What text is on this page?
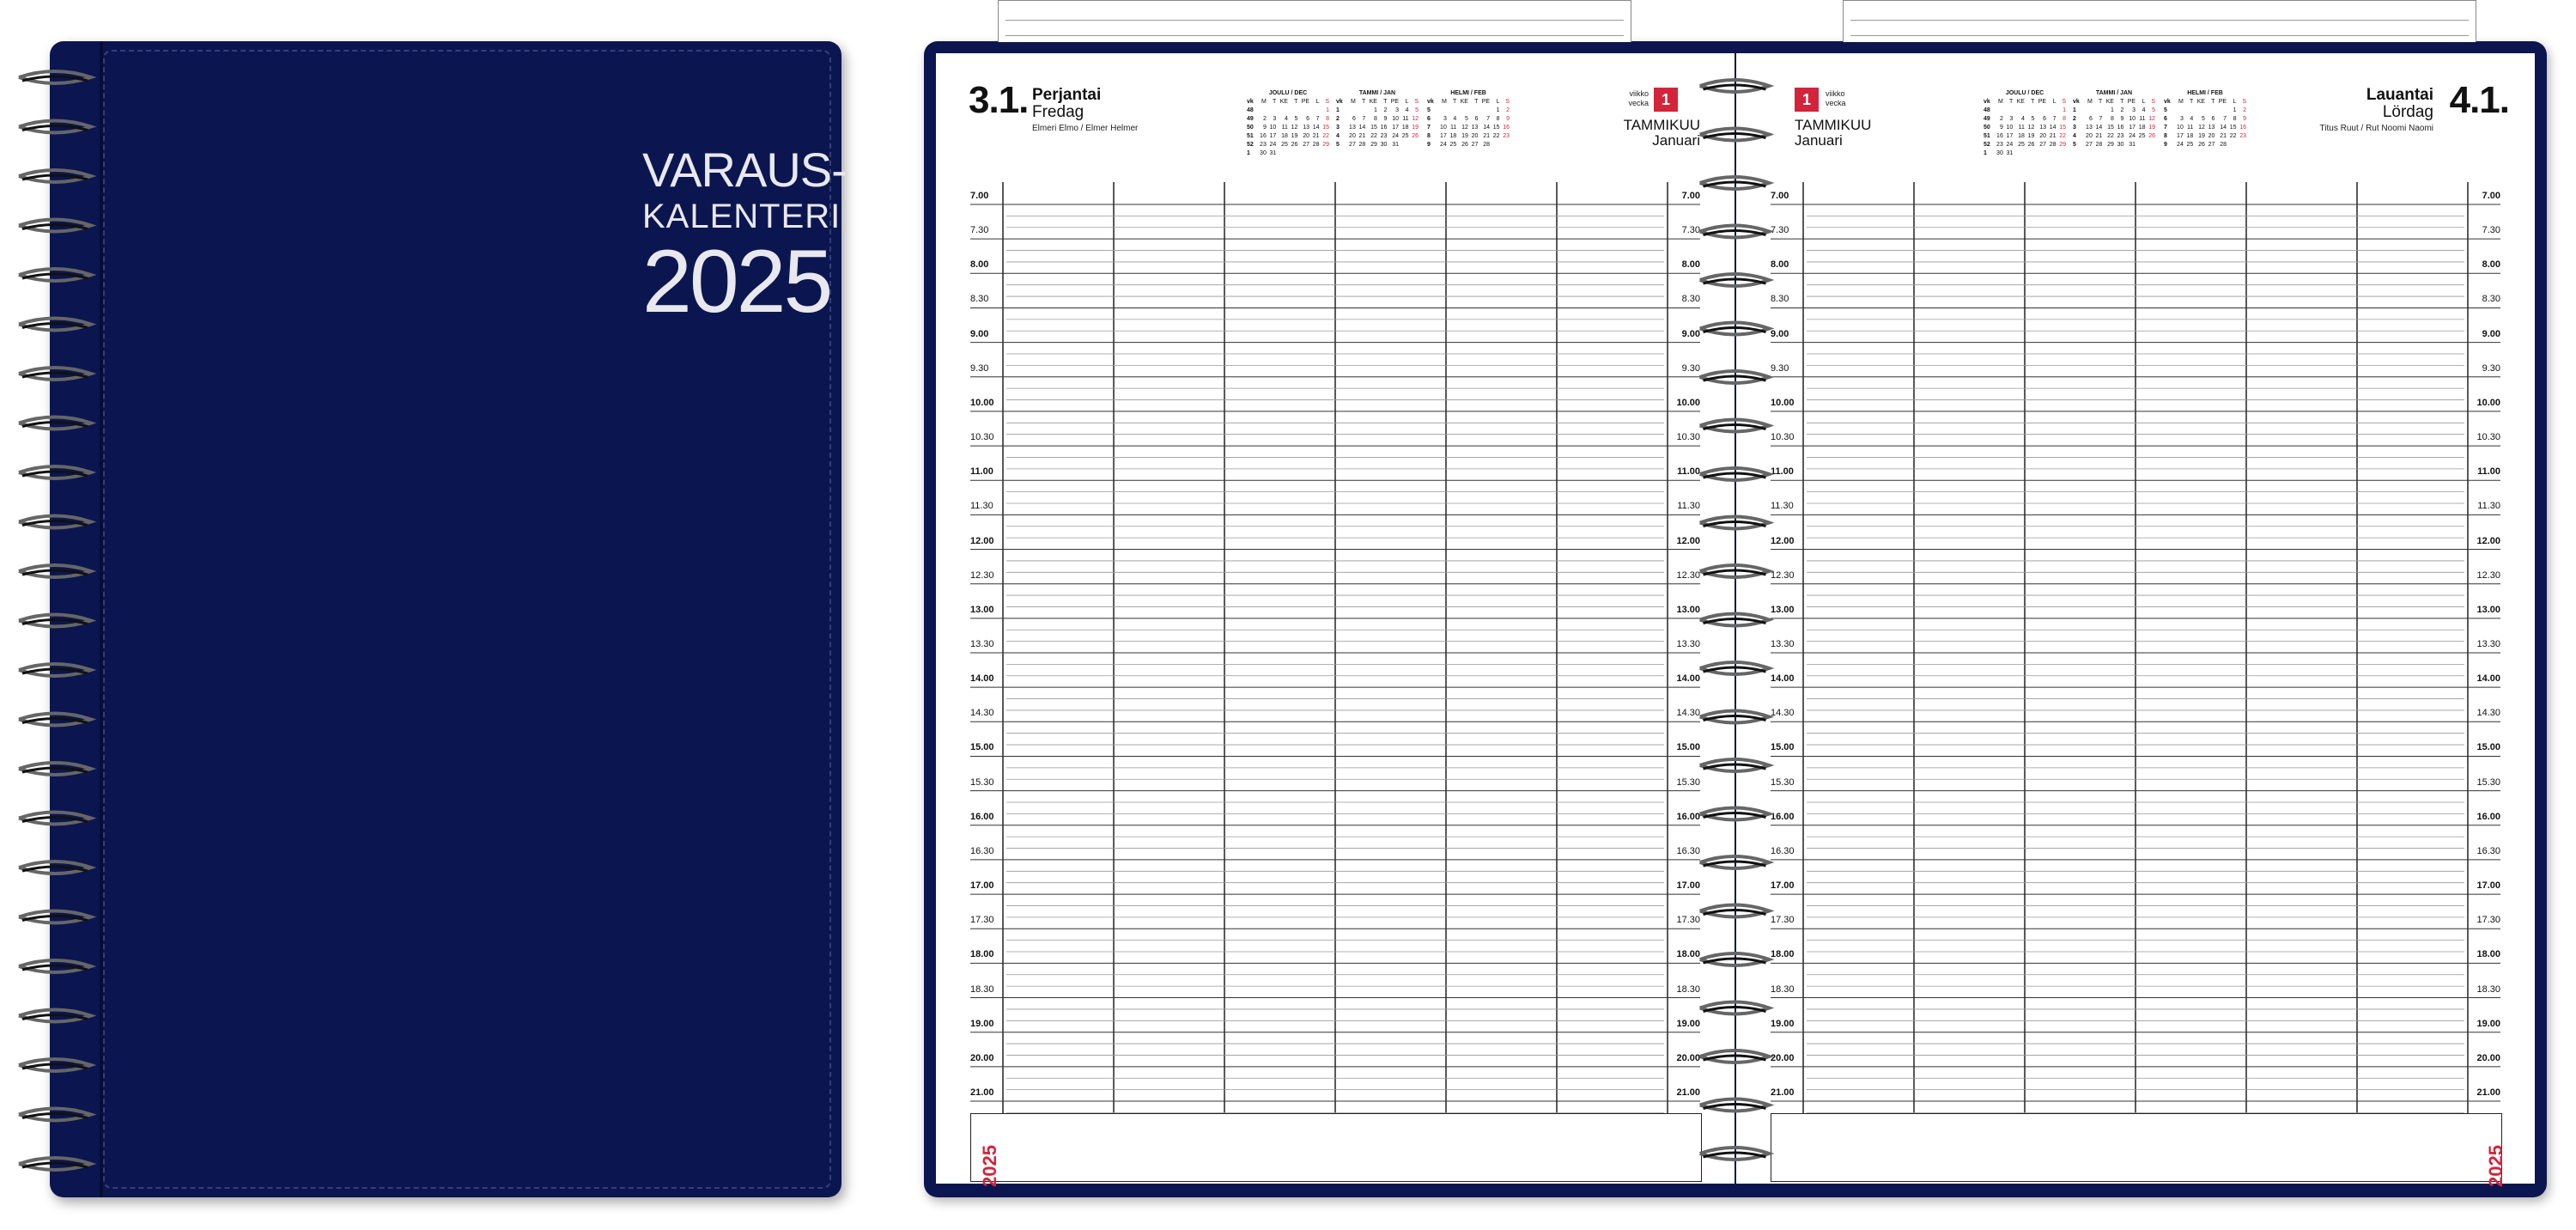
VARAUS-
KALENTERI
2025
3.1. Perjantai
Fredag
Elmeri Elmo / Elmer Helmer
JOULU / DEC
vk	M	T	KE	T	PE	L	S
48							1
49	2	3	4	5	6	7	8
50	9	10	11	12	13	14	15
51	16	17	18	19	20	21	22
52	23	24	25	26	27	28	29
1	30	31					
TAMMI / JAN
vk	M	T	KE	T	PE	L	S
1			1	2	3	4	5
2	6	7	8	9	10	11	12
3	13	14	15	16	17	18	19
4	20	21	22	23	24	25	26
5	27	28	29	30	31		
HELMI / FEB
vk	M	T	KE	T	PE	L	S
5						1	2
6	3	4	5	6	7	8	9
7	10	11	12	13	14	15	16
8	17	18	19	20	21	22	23
9	24	25	26	27	28		
viikko
vecka 1
TAMMIKUU
Januari
7.00	7.00
7.30	7.30
8.00	8.00
8.30	8.30
9.00	9.00
9.30	9.30
10.00	10.00
10.30	10.30
11.00	11.00
11.30	11.30
12.00	12.00
12.30	12.30
13.00	13.00
13.30	13.30
14.00	14.00
14.30	14.30
15.00	15.00
15.30	15.30
16.00	16.00
16.30	16.30
17.00	17.00
17.30	17.30
18.00	18.00
18.30	18.30
19.00	19.00
20.00	20.00
21.00	21.00
2025
1	viikko
vecka
TAMMIKUU
Januari
JOULU / DEC
vk	M	T	KE	T	PE	L	S
48							1
49	2	3	4	5	6	7	8
50	9	10	11	12	13	14	15
51	16	17	18	19	20	21	22
52	23	24	25	26	27	28	29
1	30	31					
TAMMI / JAN
vk	M	T	KE	T	PE	L	S
1			1	2	3	4	5
2	6	7	8	9	10	11	12
3	13	14	15	16	17	18	19
4	20	21	22	23	24	25	26
5	27	28	29	30	31		
HELMI / FEB
vk	M	T	KE	T	PE	L	S
5						1	2
6	3	4	5	6	7	8	9
7	10	11	12	13	14	15	16
8	17	18	19	20	21	22	23
9	24	25	26	27	28		
Lauantai
Lördag
Titus Ruut / Rut Noomi Naomi
4.1.
7.00	7.00
7.30	7.30
8.00	8.00
8.30	8.30
9.00	9.00
9.30	9.30
10.00	10.00
10.30	10.30
11.00	11.00
11.30	11.30
12.00	12.00
12.30	12.30
13.00	13.00
13.30	13.30
14.00	14.00
14.30	14.30
15.00	15.00
15.30	15.30
16.00	16.00
16.30	16.30
17.00	17.00
17.30	17.30
18.00	18.00
18.30	18.30
19.00	19.00
20.00	20.00
21.00	21.00
2025
